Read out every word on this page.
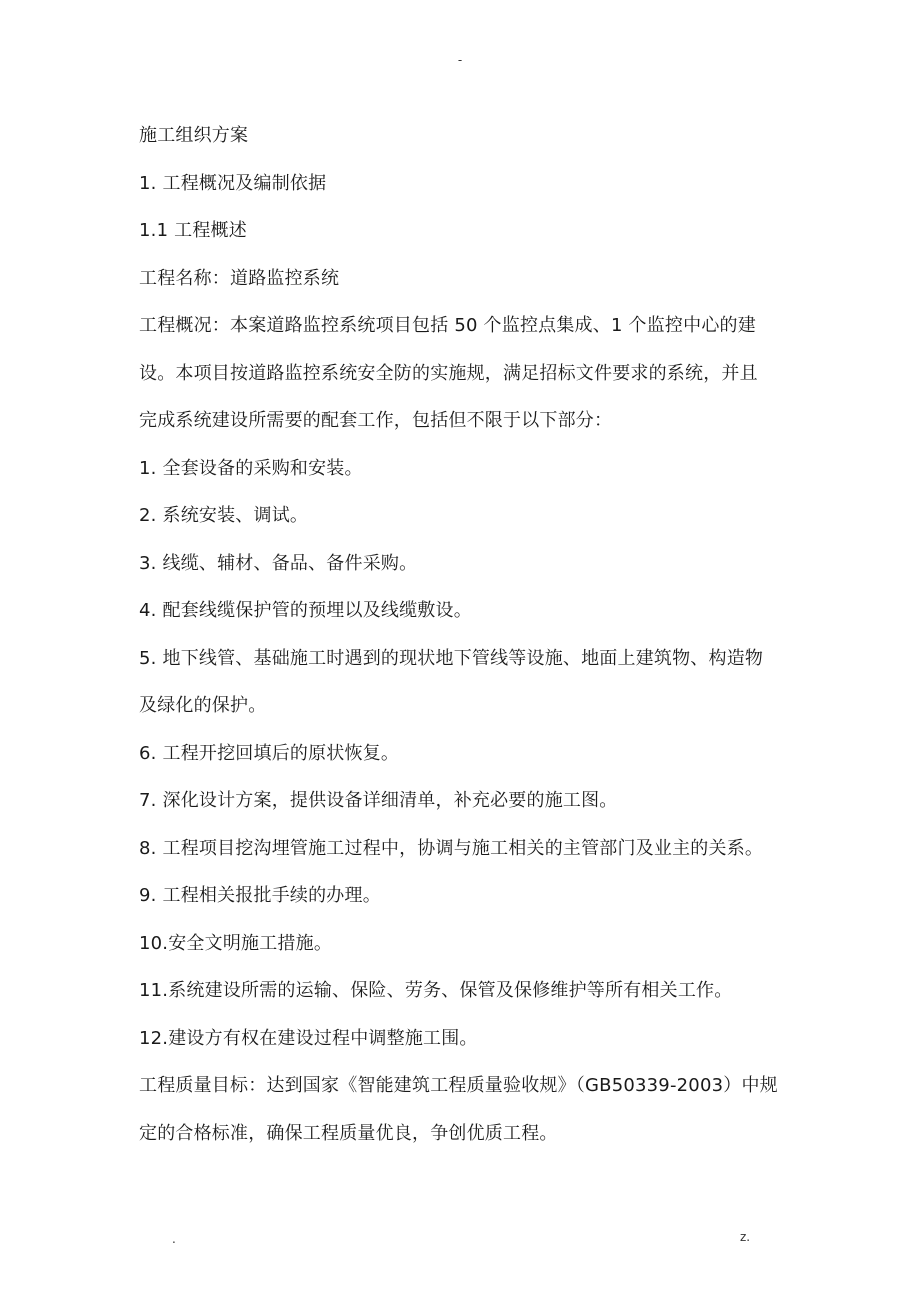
-
施工组织方案
1. 工程概况及编制依据
1.1 工程概述
工程名称：道路监控系统
工程概况：本案道路监控系统项目包括 50 个监控点集成、1 个监控中心的建
设。本项目按道路监控系统安全防的实施规，满足招标文件要求的系统，并且
完成系统建设所需要的配套工作，包括但不限于以下部分：
1. 全套设备的采购和安装。
2. 系统安装、调试。
3. 线缆、辅材、备品、备件采购。
4. 配套线缆保护管的预埋以及线缆敷设。
5. 地下线管、基础施工时遇到的现状地下管线等设施、地面上建筑物、构造物
及绿化的保护。
6. 工程开挖回填后的原状恢复。
7. 深化设计方案，提供设备详细清单，补充必要的施工图。
8. 工程项目挖沟埋管施工过程中，协调与施工相关的主管部门及业主的关系。
9. 工程相关报批手续的办理。
10.安全文明施工措施。
11.系统建设所需的运输、保险、劳务、保管及保修维护等所有相关工作。
12.建设方有权在建设过程中调整施工围。
工程质量目标：达到国家《智能建筑工程质量验收规》（GB50339-2003）中规
定的合格标准，确保工程质量优良，争创优质工程。
.	z.
